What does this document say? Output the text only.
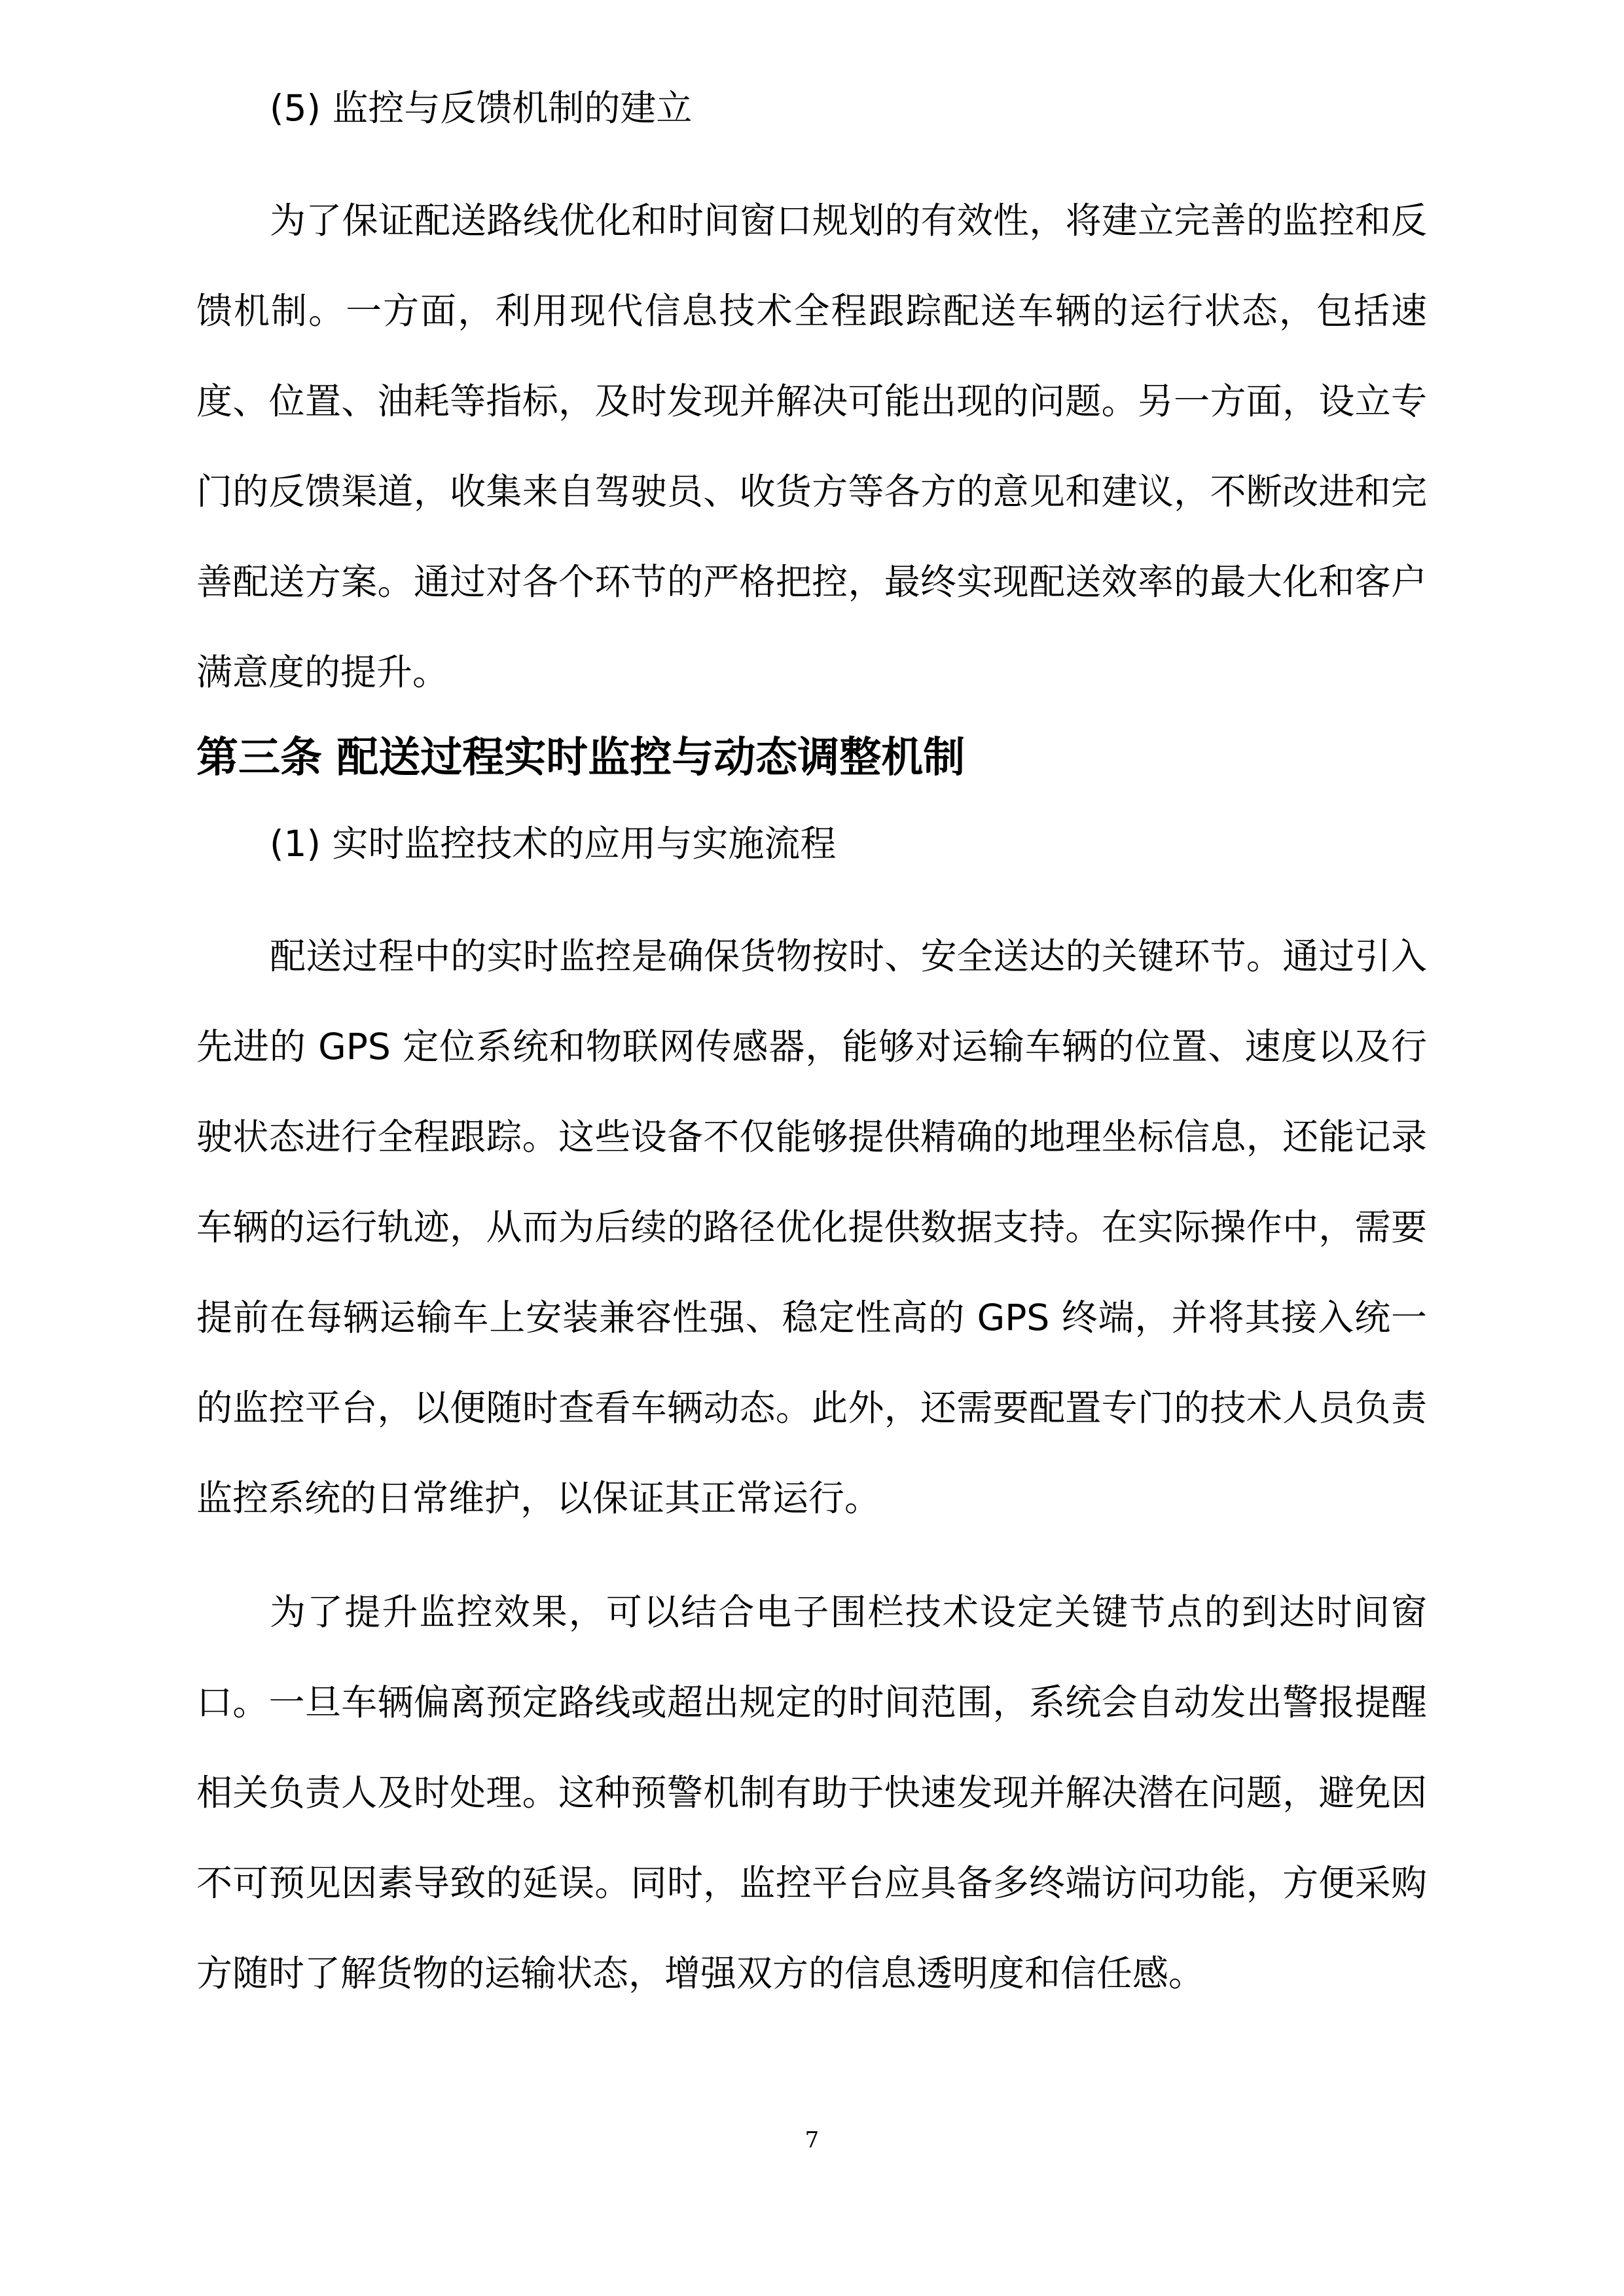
(5) 监控与反馈机制的建立

为了保证配送路线优化和时间窗口规划的有效性，将建立完善的监控和反馈机制。一方面，利用现代信息技术全程跟踪配送车辆的运行状态，包括速度、位置、油耗等指标，及时发现并解决可能出现的问题。另一方面，设立专门的反馈渠道，收集来自驾驶员、收货方等各方的意见和建议，不断改进和完善配送方案。通过对各个环节的严格把控，最终实现配送效率的最大化和客户满意度的提升。

第三条 配送过程实时监控与动态调整机制

(1) 实时监控技术的应用与实施流程

配送过程中的实时监控是确保货物按时、安全送达的关键环节。通过引入先进的 GPS 定位系统和物联网传感器，能够对运输车辆的位置、速度以及行驶状态进行全程跟踪。这些设备不仅能够提供精确的地理坐标信息，还能记录车辆的运行轨迹，从而为后续的路径优化提供数据支持。在实际操作中，需要提前在每辆运输车上安装兼容性强、稳定性高的 GPS 终端，并将其接入统一的监控平台，以便随时查看车辆动态。此外，还需要配置专门的技术人员负责监控系统的日常维护，以保证其正常运行。

为了提升监控效果，可以结合电子围栏技术设定关键节点的到达时间窗口。一旦车辆偏离预定路线或超出规定的时间范围，系统会自动发出警报提醒相关负责人及时处理。这种预警机制有助于快速发现并解决潜在问题，避免因不可预见因素导致的延误。同时，监控平台应具备多终端访问功能，方便采购方随时了解货物的运输状态，增强双方的信息透明度和信任感。

7
